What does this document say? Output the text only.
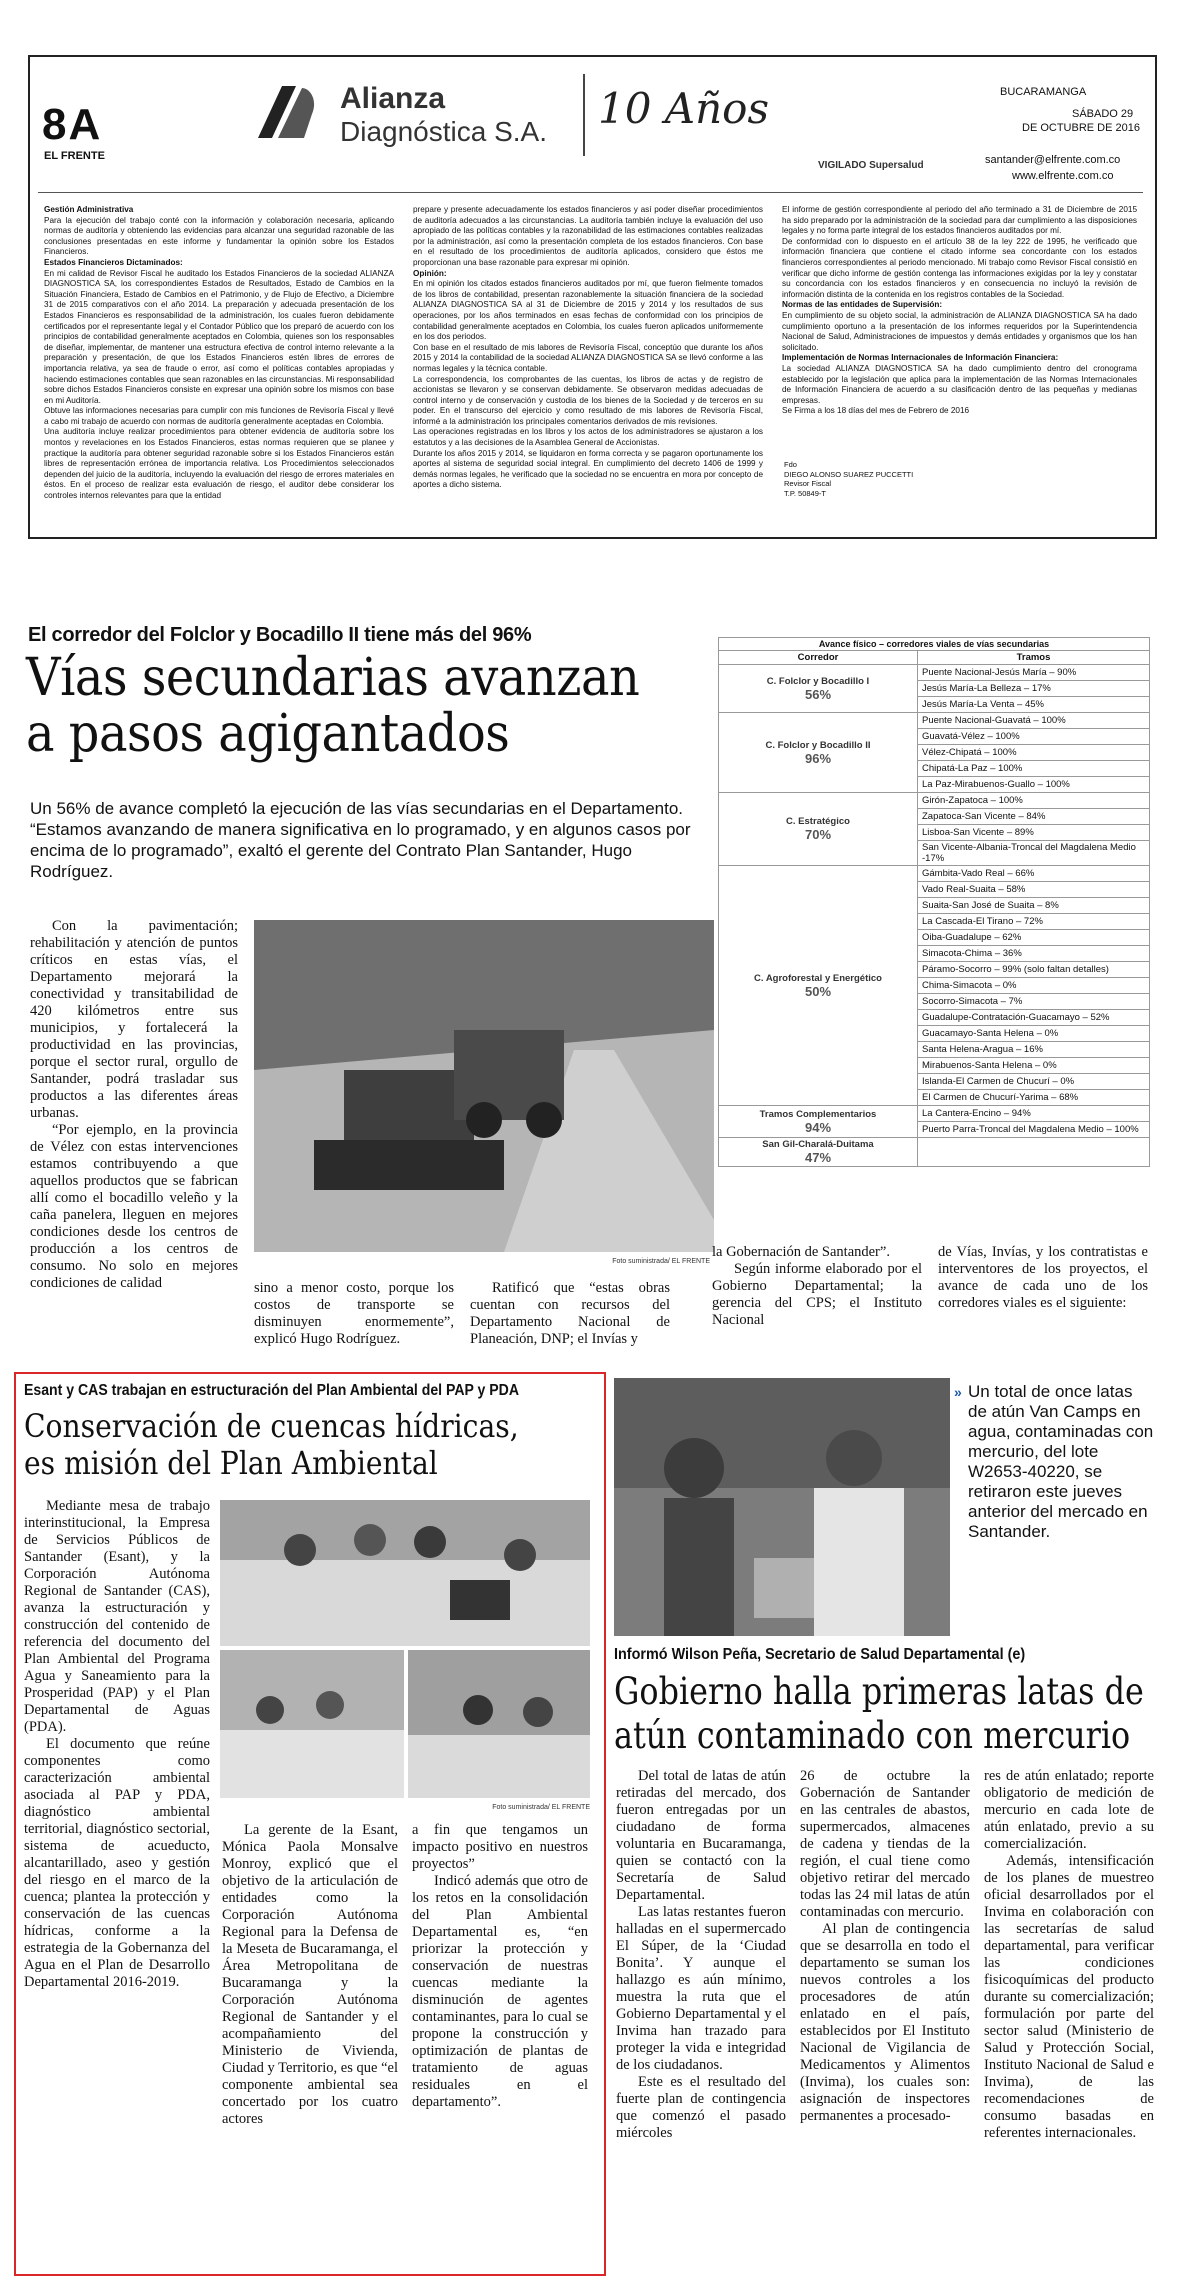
8A
EL FRENTE
Alianza
Diagnóstica S.A. 10 Años
VIGILADO Supersalud
BUCARAMANGA
SÁBADO 29
DE OCTUBRE DE 2016
santander@elfrente.com.co
www.elfrente.com.co

Gestión Administrativa

Para la ejecución del trabajo conté con la información y colaboración necesaria, aplicando normas de auditoría y obteniendo las evidencias para alcanzar una seguridad razonable de las conclusiones presentadas en este informe y fundamentar la opinión sobre los Estados Financieros.

Estados Financieros Dictaminados:

En mi calidad de Revisor Fiscal he auditado los Estados Financieros de la sociedad ALIANZA DIAGNOSTICA SA, los correspondientes Estados de Resultados, Estado de Cambios en la Situación Financiera, Estado de Cambios en el Patrimonio, y de Flujo de Efectivo, a Diciembre 31 de 2015 comparativos con el año 2014. La preparación y adecuada presentación de los Estados Financieros es responsabilidad de la administración, los cuales fueron debidamente certificados por el representante legal y el Contador Público que los preparó de acuerdo con los principios de contabilidad generalmente aceptados en Colombia, quienes son los responsables de diseñar, implementar, de mantener una estructura efectiva de control interno relevante a la preparación y presentación, de que los Estados Financieros estén libres de errores de importancia relativa, ya sea de fraude o error, así como el políticas contables apropiadas y haciendo estimaciones contables que sean razonables en las circunstancias. Mi responsabilidad sobre dichos Estados Financieros consiste en expresar una opinión sobre los mismos con base en mi Auditoría.

Obtuve las informaciones necesarias para cumplir con mis funciones de Revisoría Fiscal y llevé a cabo mi trabajo de acuerdo con normas de auditoría generalmente aceptadas en Colombia.

Una auditoría incluye realizar procedimientos para obtener evidencia de auditoría sobre los montos y revelaciones en los Estados Financieros, estas normas requieren que se planee y practique la auditoría para obtener seguridad razonable sobre si los Estados Financieros están libres de representación errónea de importancia relativa. Los Procedimientos seleccionados dependen del juicio de la auditoría, incluyendo la evaluación del riesgo de errores materiales en éstos. En el proceso de realizar esta evaluación de riesgo, el auditor debe considerar los controles internos relevantes para que la entidad

prepare y presente adecuadamente los estados financieros y así poder diseñar procedimientos de auditoría adecuados a las circunstancias. La auditoría también incluye la evaluación del uso apropiado de las políticas contables y la razonabilidad de las estimaciones contables realizadas por la administración, así como la presentación completa de los estados financieros. Con base en el resultado de los procedimientos de auditoría aplicados, considero que éstos me proporcionan una base razonable para expresar mi opinión.

Opinión:

En mi opinión los citados estados financieros auditados por mí, que fueron fielmente tomados de los libros de contabilidad, presentan razonablemente la situación financiera de la sociedad ALIANZA DIAGNOSTICA SA al 31 de Diciembre de 2015 y 2014 y los resultados de sus operaciones, por los años terminados en esas fechas de conformidad con los principios de contabilidad generalmente aceptados en Colombia, los cuales fueron aplicados uniformemente en los dos periodos.

Con base en el resultado de mis labores de Revisoría Fiscal, conceptúo que durante los años 2015 y 2014 la contabilidad de la sociedad ALIANZA DIAGNOSTICA SA se llevó conforme a las normas legales y la técnica contable.

La correspondencia, los comprobantes de las cuentas, los libros de actas y de registro de accionistas se llevaron y se conservan debidamente. Se observaron medidas adecuadas de control interno y de conservación y custodia de los bienes de la Sociedad y de terceros en su poder. En el transcurso del ejercicio y como resultado de mis labores de Revisoría Fiscal, informé a la administración los principales comentarios derivados de mis revisiones.

Las operaciones registradas en los libros y los actos de los administradores se ajustaron a los estatutos y a las decisiones de la Asamblea General de Accionistas.

Durante los años 2015 y 2014, se liquidaron en forma correcta y se pagaron oportunamente los aportes al sistema de seguridad social integral. En cumplimiento del decreto 1406 de 1999 y demás normas legales, he verificado que la sociedad no se encuentra en mora por concepto de aportes a dicho sistema.

El informe de gestión correspondiente al periodo del año terminado a 31 de Diciembre de 2015 ha sido preparado por la administración de la sociedad para dar cumplimiento a las disposiciones legales y no forma parte integral de los estados financieros auditados por mí.

De conformidad con lo dispuesto en el artículo 38 de la ley 222 de 1995, he verificado que información financiera que contiene el citado informe sea concordante con los estados financieros correspondientes al periodo mencionado. Mi trabajo como Revisor Fiscal consistió en verificar que dicho informe de gestión contenga las informaciones exigidas por la ley y constatar su concordancia con los estados financieros y en consecuencia no incluyó la revisión de información distinta de la contenida en los registros contables de la Sociedad.

Normas de las entidades de Supervisión:

En cumplimiento de su objeto social, la administración de ALIANZA DIAGNOSTICA SA ha dado cumplimiento oportuno a la presentación de los informes requeridos por la Superintendencia Nacional de Salud, Administraciones de impuestos y demás entidades y organismos que los han solicitado.

Implementación de Normas Internacionales de Información Financiera:

La sociedad ALIANZA DIAGNOSTICA SA ha dado cumplimiento dentro del cronograma establecido por la legislación que aplica para la implementación de las Normas Internacionales de Información Financiera de acuerdo a su clasificación dentro de las pequeñas y medianas empresas.

Se Firma a los 18 días del mes de Febrero de 2016

Fdo
DIEGO ALONSO SUAREZ PUCCETTI
Revisor Fiscal
T.P. 50849-T
El corredor del Folclor y Bocadillo II tiene más del 96%
Vías secundarias avanzan
a pasos agigantados
Un 56% de avance completó la ejecución de las vías secundarias en el Departamento. “Estamos avanzando de manera significativa en lo programado, y en algunos casos por encima de lo programado”, exaltó el gerente del Contrato Plan Santander, Hugo Rodríguez.

Con la pavimentación; rehabilitación y atención de puntos críticos en estas vías, el Departamento mejorará la conectividad y transitabilidad de 420 kilómetros entre sus municipios, y fortalecerá la productividad en las provincias, porque el sector rural, orgullo de Santander, podrá trasladar sus productos a las diferentes áreas urbanas.

“Por ejemplo, en la provincia de Vélez con estas intervenciones estamos contribuyendo a que aquellos productos que se fabrican allí como el bocadillo veleño y la caña panelera, lleguen en mejores condiciones desde los centros de producción a los centros de consumo. No solo en mejores condiciones de calidad

Foto suministrada/ EL FRENTE
sino a menor costo, porque los costos de transporte se disminuyen enormemente”, explicó Hugo Rodríguez.
Ratificó que “estas obras cuentan con recursos del Departamento Nacional de Planeación, DNP; el Invías y

la Gobernación de Santander”.

Según informe elaborado por el Gobierno Departamental; la gerencia del CPS; el Instituto Nacional

de Vías, Invías, y los contratistas e interventores de los proyectos, el avance de cada uno de los corredores viales es el siguiente:
Avance físico – corredores viales de vías secundarias	
Corredor	Tramos

C. Folclor y Bocadillo I
56%	Puente Nacional-Jesús María – 90%
	Jesús María-La Belleza – 17%
	Jesús María-La Venta – 45%

C. Folclor y Bocadillo II
96%	Puente Nacional-Guavatá – 100%
	Guavatá-Vélez – 100%
	Vélez-Chipatá – 100%
	Chipatá-La Paz – 100%
	La Paz-Mirabuenos-Guallo – 100%

C. Estratégico
70%	Girón-Zapatoca – 100%
	Zapatoca-San Vicente – 84%
	Lisboa-San Vicente – 89%
	San Vicente-Albania-Troncal del Magdalena Medio -17%

C. Agroforestal y Energético
50%	Gámbita-Vado Real – 66%
	Vado Real-Suaita – 58%
	Suaita-San José de Suaita – 8%
	La Cascada-El Tirano – 72%
	Oiba-Guadalupe – 62%
	Simacota-Chima – 36%
	Páramo-Socorro – 99% (solo faltan detalles)
	Chima-Simacota – 0%
	Socorro-Simacota – 7%
	Guadalupe-Contratación-Guacamayo – 52%
	Guacamayo-Santa Helena – 0%
	Santa Helena-Aragua – 16%
	Mirabuenos-Santa Helena – 0%
	Islanda-El Carmen de Chucurí – 0%
	El Carmen de Chucurí-Yarima – 68%

Tramos Complementarios
94%	La Cantera-Encino – 94%
	Puerto Parra-Troncal del Magdalena Medio – 100%

San Gil-Charalá-Duitama
47%	

Esant y CAS trabajan en estructuración del Plan Ambiental del PAP y PDA
Conservación de cuencas hídricas,
es misión del Plan Ambiental

Mediante mesa de trabajo interinstitucional, la Empresa de Servicios Públicos de Santander (Esant), y la Corporación Autónoma Regional de Santander (CAS), avanza la estructuración y construcción del contenido de referencia del documento del Plan Ambiental del Programa Agua y Saneamiento para la Prosperidad (PAP) y el Plan Departamental de Aguas (PDA).

El documento que reúne componentes como caracterización ambiental asociada al PAP y PDA, diagnóstico ambiental territorial, diagnóstico sectorial, sistema de acueducto, alcantarillado, aseo y gestión del riesgo en el marco de la cuenca; plantea la protección y conservación de las cuencas hídricas, conforme a la estrategia de la Gobernanza del Agua en el Plan de Desarrollo Departamental 2016-2019.

Foto suministrada/ EL FRENTE
La gerente de la Esant, Mónica Paola Monsalve Monroy, explicó que el objetivo de la articulación de entidades como la Corporación Autónoma Regional para la Defensa de la Meseta de Bucaramanga, el Área Metropolitana de Bucaramanga y la Corporación Autónoma Regional de Santander y el acompañamiento del Ministerio de Vivienda, Ciudad y Territorio, es que “el componente ambiental sea concertado por los cuatro actores

a fin que tengamos un impacto positivo en nuestros proyectos”

Indicó además que otro de los retos en la consolidación del Plan Ambiental Departamental es, “en priorizar la protección y conservación de nuestras cuencas mediante la disminución de agentes contaminantes, para lo cual se propone la construcción y optimización de plantas de tratamiento de aguas residuales en el departamento”.

» Un total de once latas de atún Van Camps en agua, contaminadas con mercurio, del lote W2653-40220, se retiraron este jueves anterior del mercado en Santander.
Informó Wilson Peña, Secretario de Salud Departamental (e)
Gobierno halla primeras latas de
atún contaminado con mercurio

Del total de latas de atún retiradas del mercado, dos fueron entregadas por un ciudadano de forma voluntaria en Bucaramanga, quien se contactó con la Secretaría de Salud Departamental.

Las latas restantes fueron halladas en el supermercado El Súper, de la ‘Ciudad Bonita’. Y aunque el hallazgo es aún mínimo, muestra la ruta que el Gobierno Departamental y el Invima han trazado para proteger la vida e integridad de los ciudadanos.

Este es el resultado del fuerte plan de contingencia que comenzó el pasado miércoles

26 de octubre la Gobernación de Santander en las centrales de abastos, supermercados, almacenes de cadena y tiendas de la región, el cual tiene como objetivo retirar del mercado todas las 24 mil latas de atún contaminadas con mercurio.

Al plan de contingencia que se desarrolla en todo el departamento se suman los nuevos controles a los procesadores de atún enlatado en el país, establecidos por El Instituto Nacional de Vigilancia de Medicamentos y Alimentos (Invima), los cuales son: asignación de inspectores permanentes a procesado-

res de atún enlatado; reporte obligatorio de medición de mercurio en cada lote de atún enlatado, previo a su comercialización.

Además, intensificación de los planes de muestreo oficial desarrollados por el Invima en colaboración con las secretarías de salud departamental, para verificar las condiciones fisicoquímicas del producto durante su comercialización; formulación por parte del sector salud (Ministerio de Salud y Protección Social, Instituto Nacional de Salud e Invima), de las recomendaciones de consumo basadas en referentes internacionales.
